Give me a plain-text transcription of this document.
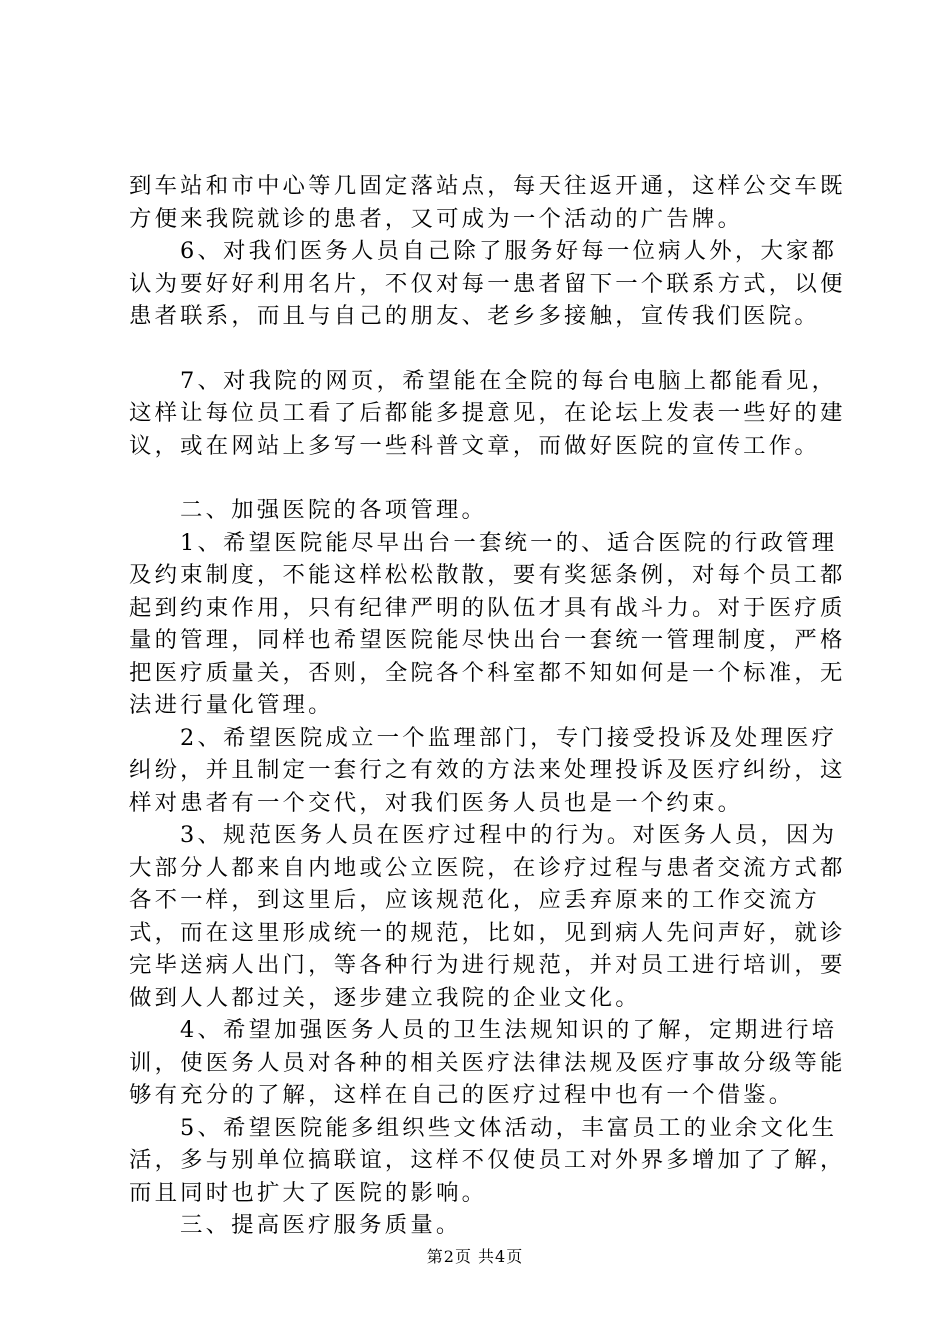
到车站和市中心等几固定落站点，每天往返开通，这样公交车既方便来我院就诊的患者，又可成为一个活动的广告牌。

6、对我们医务人员自己除了服务好每一位病人外，大家都认为要好好利用名片，不仅对每一患者留下一个联系方式，以便患者联系，而且与自己的朋友、老乡多接触，宣传我们医院。

7、对我院的网页，希望能在全院的每台电脑上都能看见，这样让每位员工看了后都能多提意见，在论坛上发表一些好的建议，或在网站上多写一些科普文章，而做好医院的宣传工作。

二、加强医院的各项管理。

1、希望医院能尽早出台一套统一的、适合医院的行政管理及约束制度，不能这样松松散散，要有奖惩条例，对每个员工都起到约束作用，只有纪律严明的队伍才具有战斗力。对于医疗质量的管理，同样也希望医院能尽快出台一套统一管理制度，严格把医疗质量关，否则，全院各个科室都不知如何是一个标准，无法进行量化管理。

2、希望医院成立一个监理部门，专门接受投诉及处理医疗纠纷，并且制定一套行之有效的方法来处理投诉及医疗纠纷，这样对患者有一个交代，对我们医务人员也是一个约束。

3、规范医务人员在医疗过程中的行为。对医务人员，因为大部分人都来自内地或公立医院，在诊疗过程与患者交流方式都各不一样，到这里后，应该规范化，应丢弃原来的工作交流方式，而在这里形成统一的规范，比如，见到病人先问声好，就诊完毕送病人出门，等各种行为进行规范，并对员工进行培训，要做到人人都过关，逐步建立我院的企业文化。

4、希望加强医务人员的卫生法规知识的了解，定期进行培训，使医务人员对各种的相关医疗法律法规及医疗事故分级等能够有充分的了解，这样在自己的医疗过程中也有一个借鉴。

5、希望医院能多组织些文体活动，丰富员工的业余文化生活，多与别单位搞联谊，这样不仅使员工对外界多增加了了解，而且同时也扩大了医院的影响。

三、提高医疗服务质量。

第2页 共4页
